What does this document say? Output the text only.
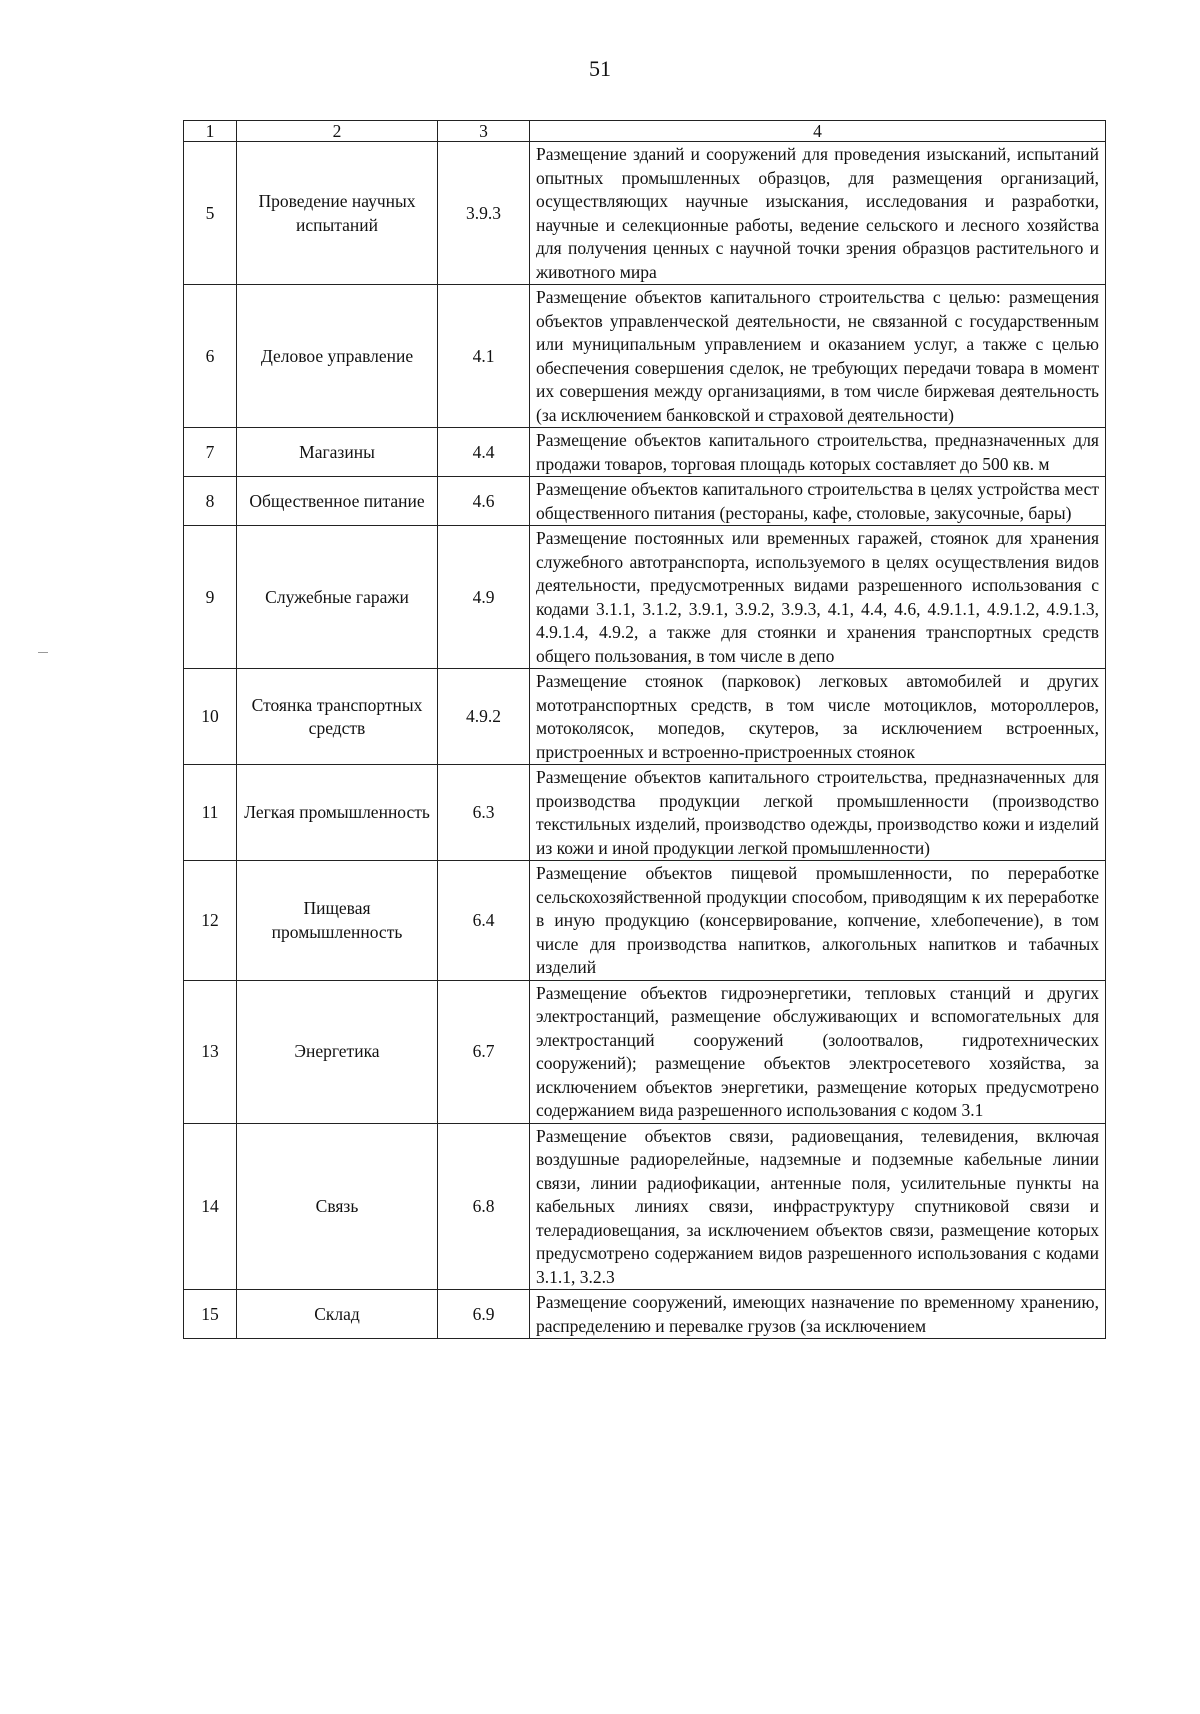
51
1	2	3	4
5	Проведение научных испытаний	3.9.3	Размещение зданий и сооружений для проведения изысканий, испытаний опытных промышленных образцов, для размещения организаций, осуществляющих научные изыскания, исследования и разработки, научные и селекционные работы, ведение сельского и лесного хозяйства для получения ценных с научной точки зрения образцов растительного и животного мира
6	Деловое управление	4.1	Размещение объектов капитального строительства с целью: размещения объектов управленческой деятельности, не связанной с государственным или муниципальным управлением и оказанием услуг, а также с целью обеспечения совершения сделок, не требующих передачи товара в момент их совершения между организациями, в том числе биржевая деятельность (за исключением банковской и страховой деятельности)
7	Магазины	4.4	Размещение объектов капитального строительства, предназначенных для продажи товаров, торговая площадь которых составляет до 500 кв. м
8	Общественное питание	4.6	Размещение объектов капитального строительства в целях устройства мест общественного питания (рестораны, кафе, столовые, закусочные, бары)
9	Служебные гаражи	4.9	Размещение постоянных или временных гаражей, стоянок для хранения служебного автотранспорта, используемого в целях осуществления видов деятельности, предусмотренных видами разрешенного использования с кодами 3.1.1, 3.1.2, 3.9.1, 3.9.2, 3.9.3, 4.1, 4.4, 4.6, 4.9.1.1, 4.9.1.2, 4.9.1.3, 4.9.1.4, 4.9.2, а также для стоянки и хранения транспортных средств общего пользования, в том числе в депо
10	Стоянка транспортных средств	4.9.2	Размещение стоянок (парковок) легковых автомобилей и других мототранспортных средств, в том числе мотоциклов, мотороллеров, мотоколясок, мопедов, скутеров, за исключением встроенных, пристроенных и встроенно-пристроенных стоянок
11	Легкая промышленность	6.3	Размещение объектов капитального строительства, предназначенных для производства продукции легкой промышленности (производство текстильных изделий, производство одежды, производство кожи и изделий из кожи и иной продукции легкой промышленности)
12	Пищевая промышленность	6.4	Размещение объектов пищевой промышленности, по переработке сельскохозяйственной продукции способом, приводящим к их переработке в иную продукцию (консервирование, копчение, хлебопечение), в том числе для производства напитков, алкогольных напитков и табачных изделий
13	Энергетика	6.7	Размещение объектов гидроэнергетики, тепловых станций и других электростанций, размещение обслуживающих и вспомогательных для электростанций сооружений (золоотвалов, гидротехнических сооружений); размещение объектов электросетевого хозяйства, за исключением объектов энергетики, размещение которых предусмотрено содержанием вида разрешенного использования с кодом 3.1
14	Связь	6.8	Размещение объектов связи, радиовещания, телевидения, включая воздушные радиорелейные, надземные и подземные кабельные линии связи, линии радиофикации, антенные поля, усилительные пункты на кабельных линиях связи, инфраструктуру спутниковой связи и телерадиовещания, за исключением объектов связи, размещение которых предусмотрено содержанием видов разрешенного использования с кодами 3.1.1, 3.2.3
15	Склад	6.9	Размещение сооружений, имеющих назначение по временному хранению, распределению и перевалке грузов (за исключением
